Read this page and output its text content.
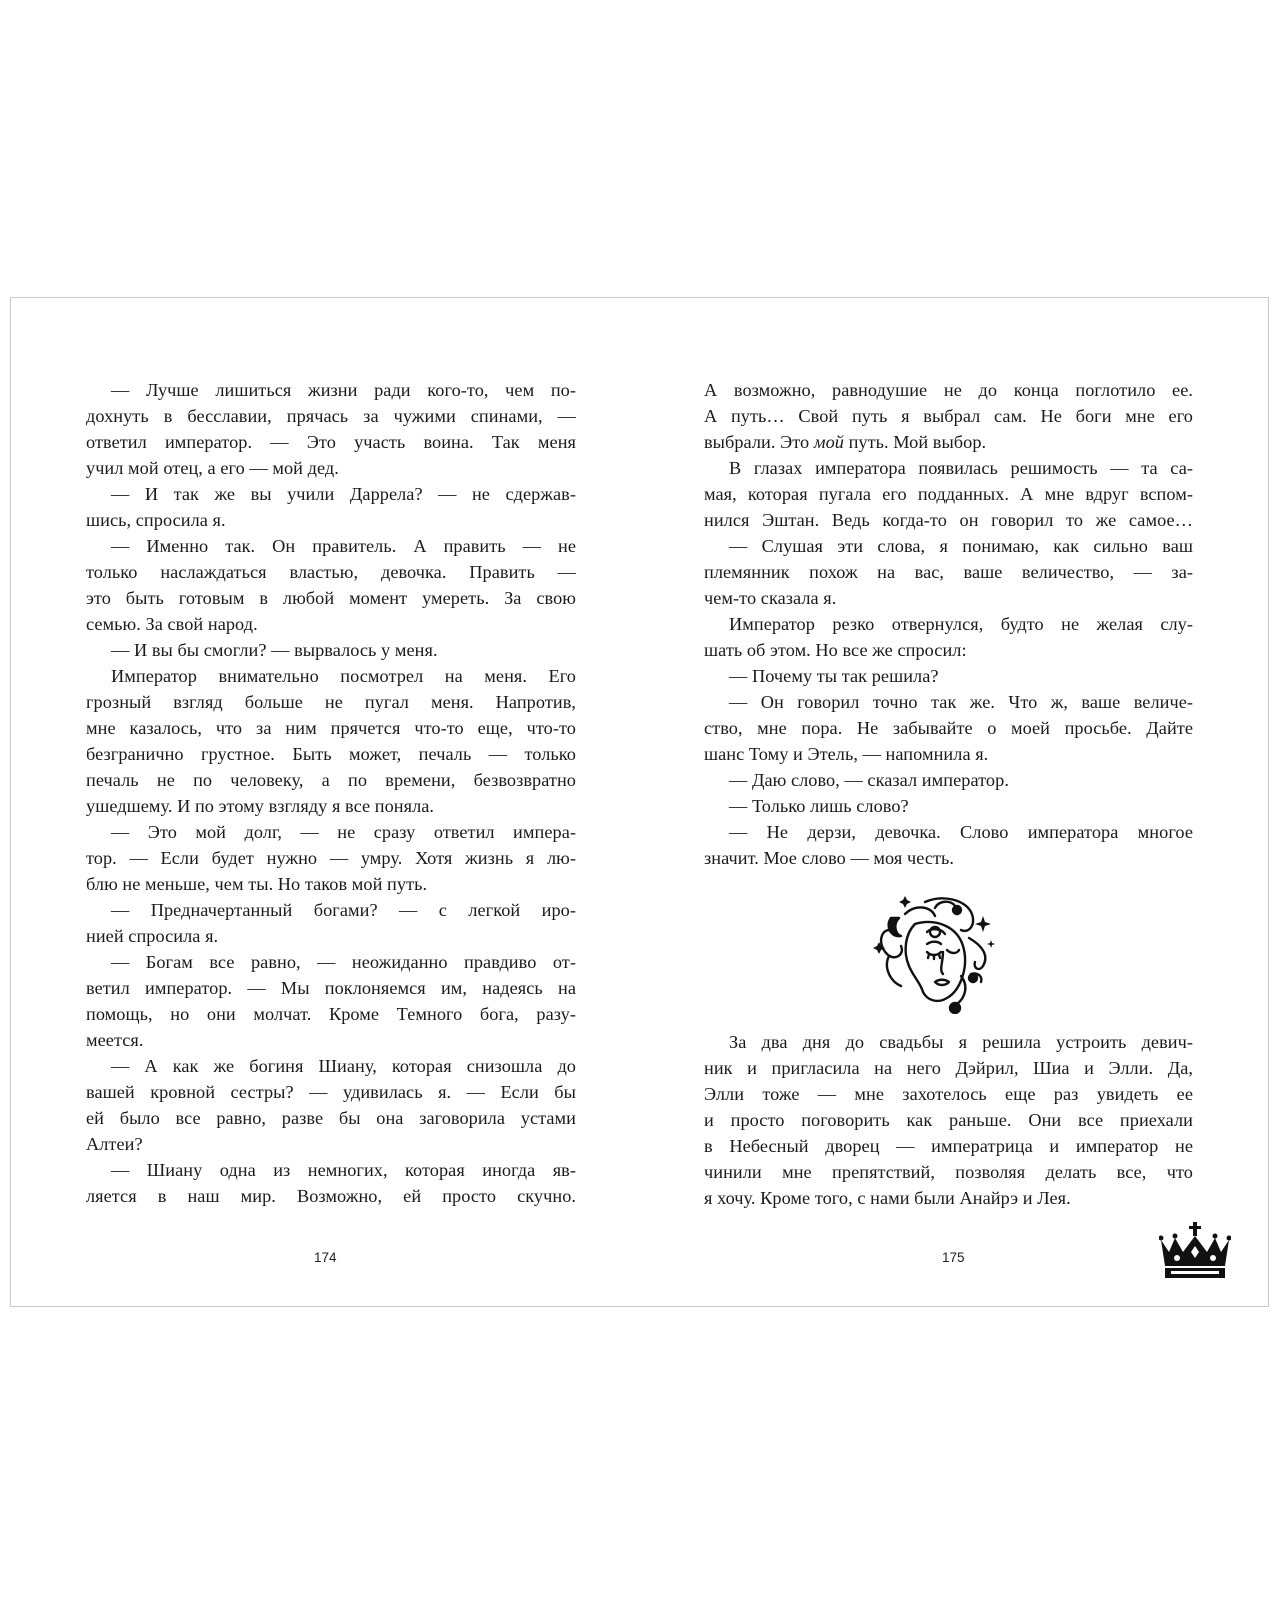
— Лучше лишиться жизни ради кого-то, чем по-
дохнуть в бесславии, прячась за чужими спинами, —
ответил император. — Это участь воина. Так меня
учил мой отец, а его — мой дед.
— И так же вы учили Даррела? — не сдержав-
шись, спросила я.
— Именно так. Он правитель. А править — не
только наслаждаться властью, девочка. Править —
это быть готовым в любой момент умереть. За свою
семью. За свой народ.
— И вы бы смогли? — вырвалось у меня.
Император внимательно посмотрел на меня. Его
грозный взгляд больше не пугал меня. Напротив,
мне казалось, что за ним прячется что-то еще, что-то
безгранично грустное. Быть может, печаль — только
печаль не по человеку, а по времени, безвозвратно
ушедшему. И по этому взгляду я все поняла.
— Это мой долг, — не сразу ответил импера-
тор. — Если будет нужно — умру. Хотя жизнь я лю-
блю не меньше, чем ты. Но таков мой путь.
— Предначертанный богами? — с легкой иро-
нией спросила я.
— Богам все равно, — неожиданно правдиво от-
ветил император. — Мы поклоняемся им, надеясь на
помощь, но они молчат. Кроме Темного бога, разу-
меется.
— А как же богиня Шиану, которая снизошла до
вашей кровной сестры? — удивилась я. — Если бы
ей было все равно, разве бы она заговорила устами
Алтеи?
— Шиану одна из немногих, которая иногда яв-
ляется в наш мир. Возможно, ей просто скучно.
174
А возможно, равнодушие не до конца поглотило ее.
А путь… Свой путь я выбрал сам. Не боги мне его
выбрали. Это мой путь. Мой выбор.
В глазах императора появилась решимость — та са-
мая, которая пугала его подданных. А мне вдруг вспом-
нился Эштан. Ведь когда-то он говорил то же самое…
— Слушая эти слова, я понимаю, как сильно ваш
племянник похож на вас, ваше величество, — за-
чем-то сказала я.
Император резко отвернулся, будто не желая слу-
шать об этом. Но все же спросил:
— Почему ты так решила?
— Он говорил точно так же. Что ж, ваше величе-
ство, мне пора. Не забывайте о моей просьбе. Дайте
шанс Тому и Этель, — напомнила я.
— Даю слово, — сказал император.
— Только лишь слово?
— Не дерзи, девочка. Слово императора многое
значит. Мое слово — моя честь.
За два дня до свадьбы я решила устроить девич-
ник и пригласила на него Дэйрил, Шиа и Элли. Да,
Элли тоже — мне захотелось еще раз увидеть ее
и просто поговорить как раньше. Они все приехали
в Небесный дворец — императрица и император не
чинили мне препятствий, позволяя делать все, что
я хочу. Кроме того, с нами были Анайрэ и Лея.
175
